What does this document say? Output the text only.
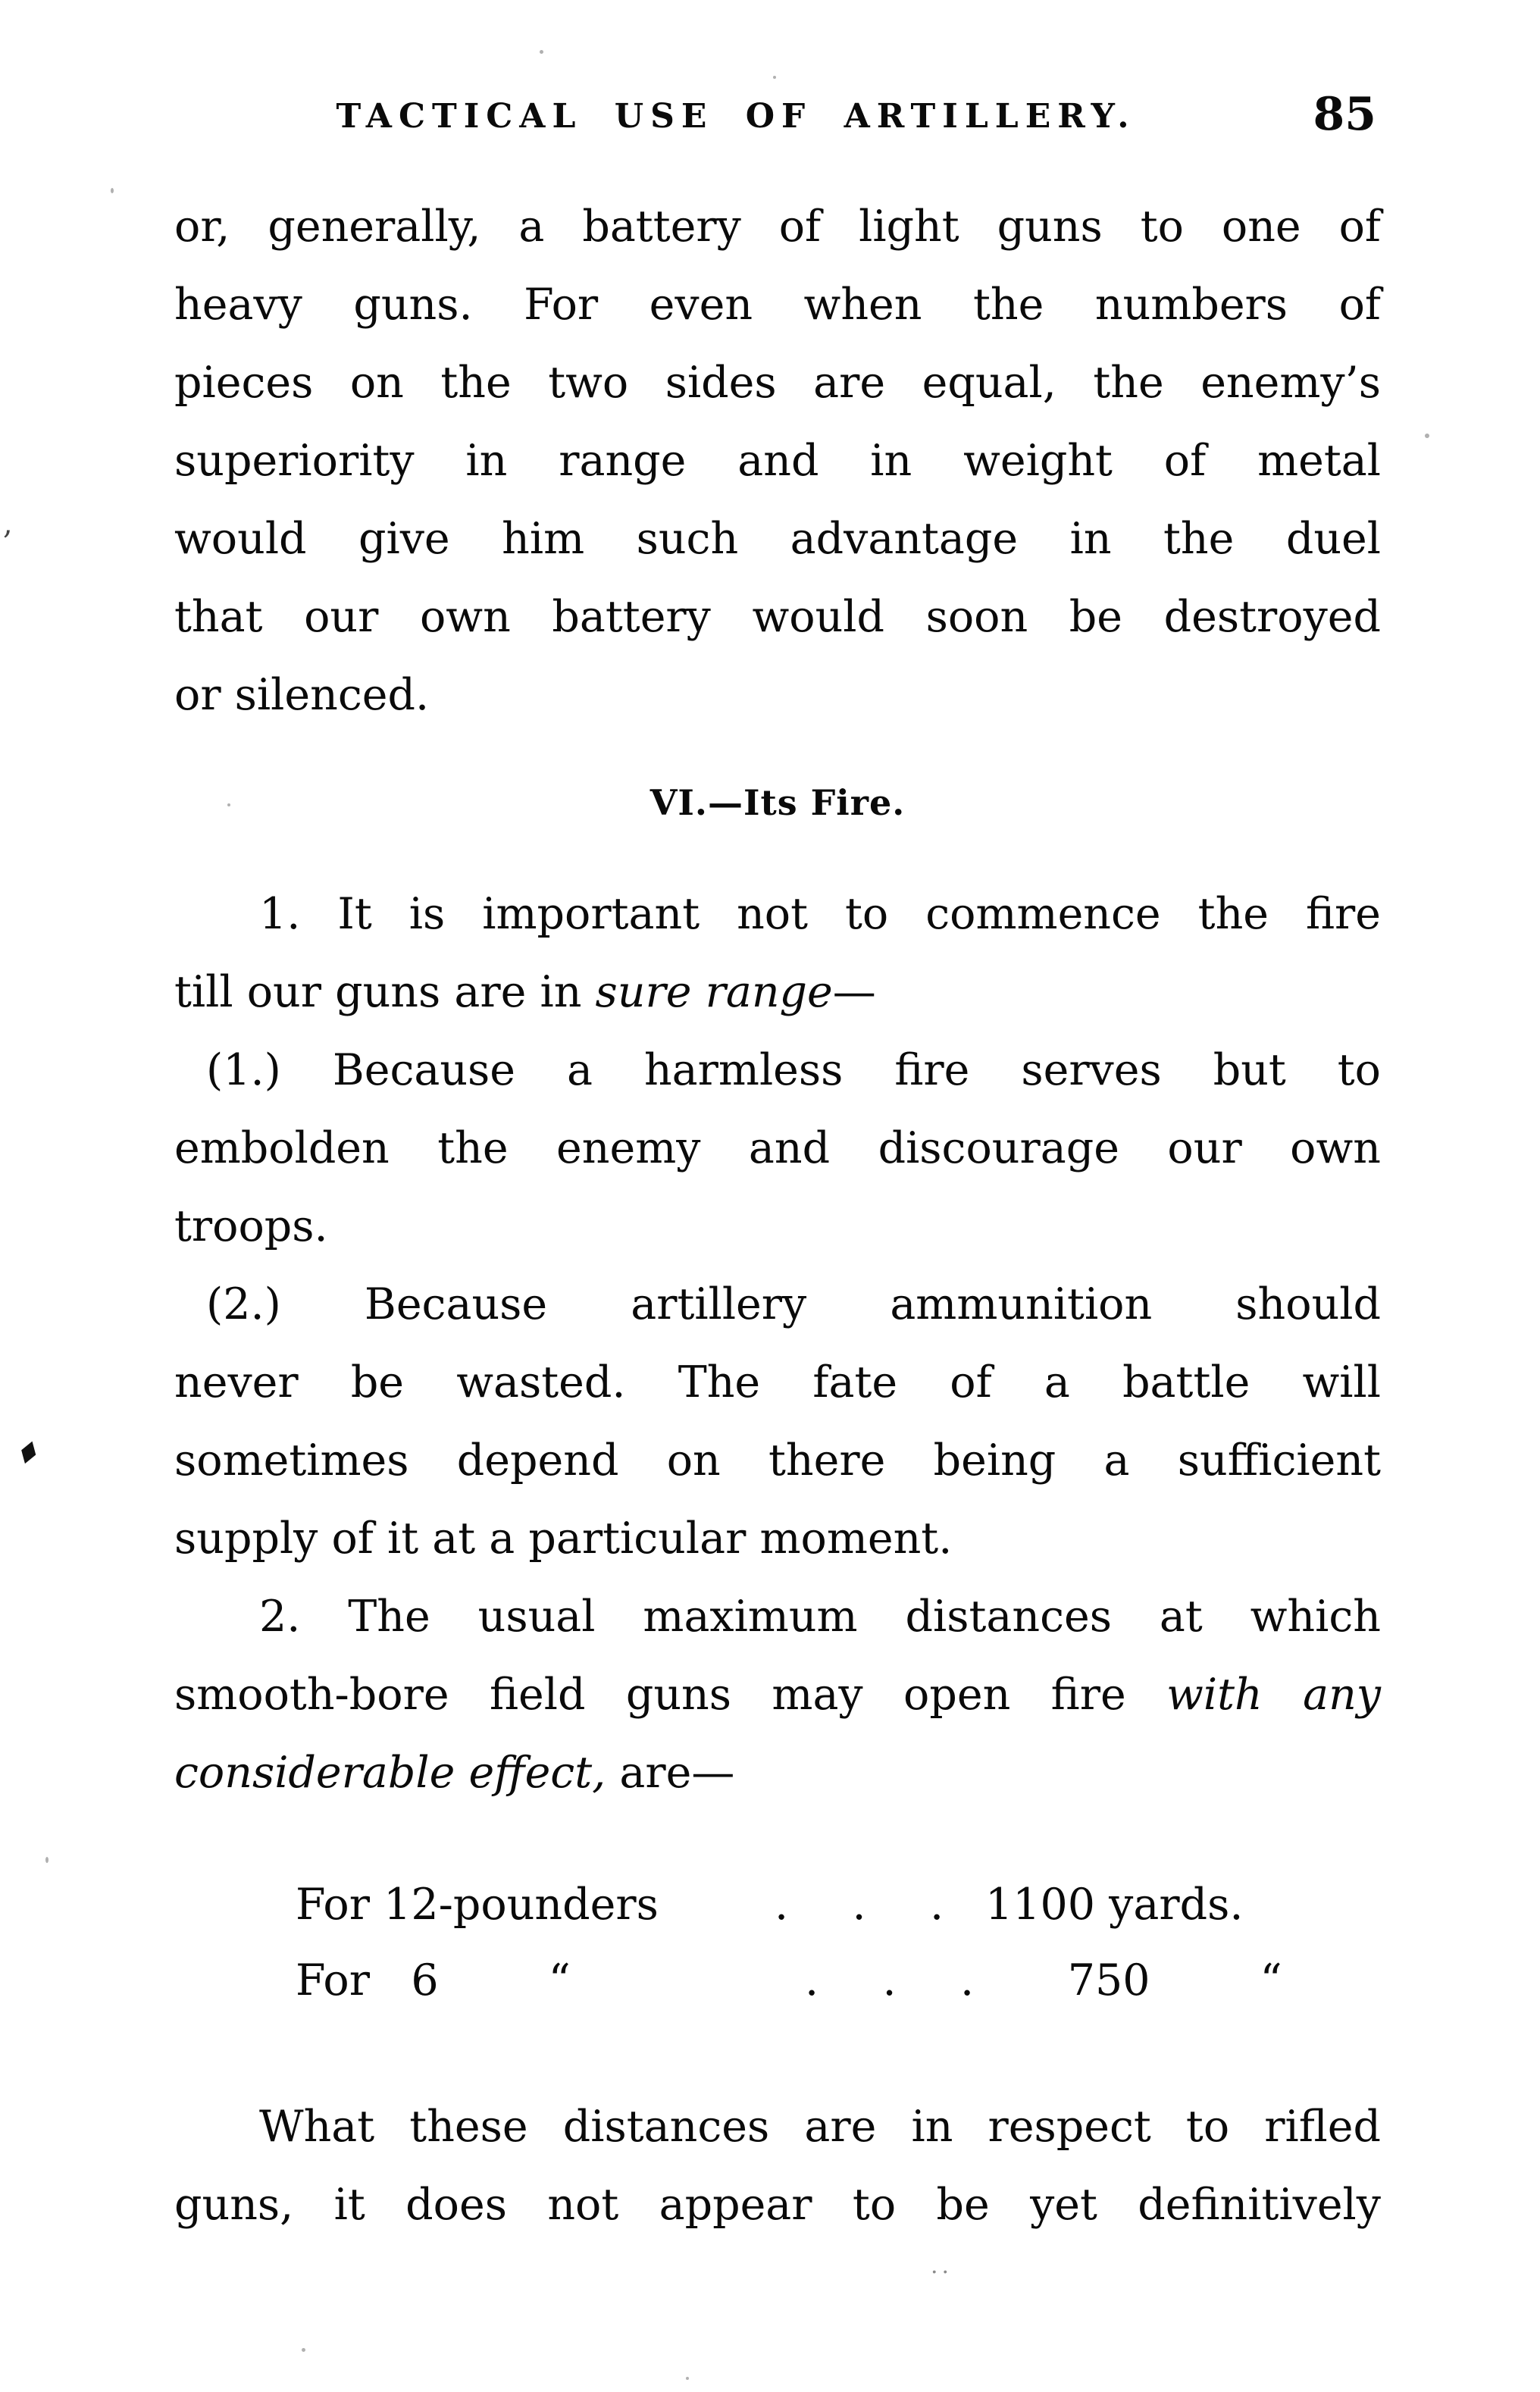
TACTICAL USE OF ARTILLERY.	85
or, generally, a battery of light guns to one of
heavy guns. For even when the numbers of
pieces on the two sides are equal, the enemy’s
superiority in range and in weight of metal
would give him such advantage in the duel
that our own battery would soon be destroyed
or silenced.
VI.—Its Fire.
1. It is important not to commence the fire
till our guns are in sure range—
(1.) Because a harmless fire serves but to
embolden the enemy and discourage our own
troops.
(2.) Because artillery ammunition should
never be wasted. The fate of a battle will
sometimes depend on there being a sufficient
supply of it at a particular moment.
2. The usual maximum distances at which
smooth-bore field guns may open fire with any
considerable effect, are—
For 12-pounders	.   .   . 1100 yards.
For   6        “	.   .   . 750        “
What these distances are in respect to rifled
guns, it does not appear to be yet definitively
♦
,
..
